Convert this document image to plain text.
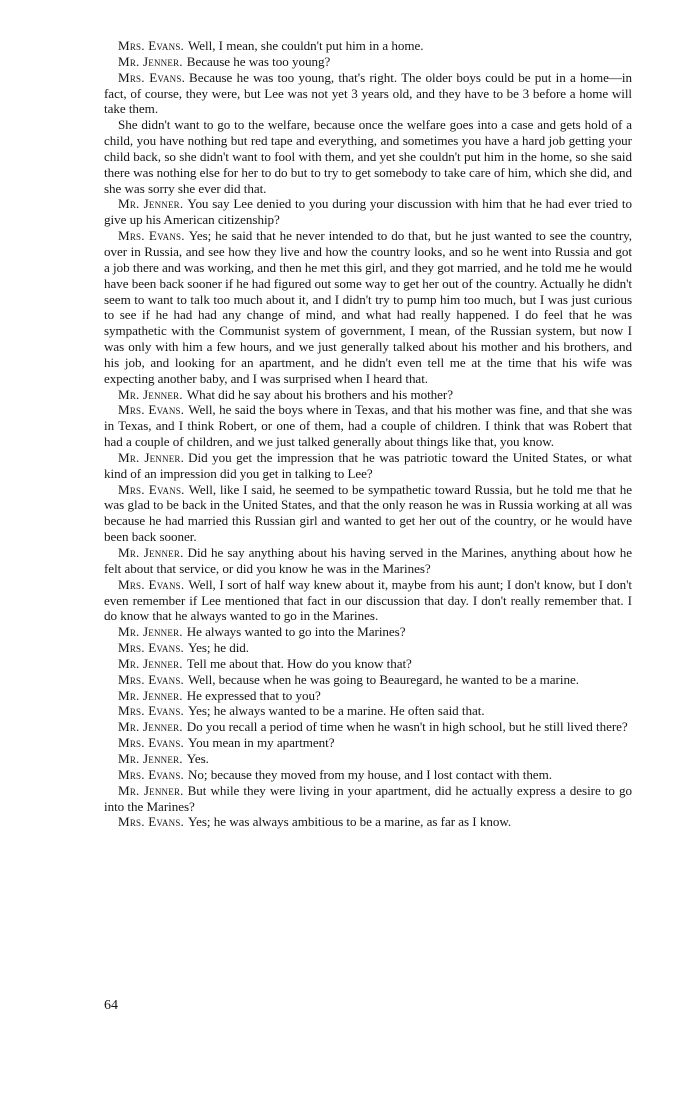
Mrs. Evans. Well, I mean, she couldn't put him in a home.

Mr. Jenner. Because he was too young?

Mrs. Evans. Because he was too young, that's right. The older boys could be put in a home—in fact, of course, they were, but Lee was not yet 3 years old, and they have to be 3 before a home will take them.

She didn't want to go to the welfare, because once the welfare goes into a case and gets hold of a child, you have nothing but red tape and everything, and sometimes you have a hard job getting your child back, so she didn't want to fool with them, and yet she couldn't put him in the home, so she said there was nothing else for her to do but to try to get somebody to take care of him, which she did, and she was sorry she ever did that.

Mr. Jenner. You say Lee denied to you during your discussion with him that he had ever tried to give up his American citizenship?

Mrs. Evans. Yes; he said that he never intended to do that, but he just wanted to see the country, over in Russia, and see how they live and how the country looks, and so he went into Russia and got a job there and was working, and then he met this girl, and they got married, and he told me he would have been back sooner if he had figured out some way to get her out of the country. Actually he didn't seem to want to talk too much about it, and I didn't try to pump him too much, but I was just curious to see if he had had any change of mind, and what had really happened. I do feel that he was sympathetic with the Communist system of government, I mean, of the Russian system, but now I was only with him a few hours, and we just generally talked about his mother and his brothers, and his job, and looking for an apartment, and he didn't even tell me at the time that his wife was expecting another baby, and I was surprised when I heard that.

Mr. Jenner. What did he say about his brothers and his mother?

Mrs. Evans. Well, he said the boys where in Texas, and that his mother was fine, and that she was in Texas, and I think Robert, or one of them, had a couple of children. I think that was Robert that had a couple of children, and we just talked generally about things like that, you know.

Mr. Jenner. Did you get the impression that he was patriotic toward the United States, or what kind of an impression did you get in talking to Lee?

Mrs. Evans. Well, like I said, he seemed to be sympathetic toward Russia, but he told me that he was glad to be back in the United States, and that the only reason he was in Russia working at all was because he had married this Russian girl and wanted to get her out of the country, or he would have been back sooner.

Mr. Jenner. Did he say anything about his having served in the Marines, anything about how he felt about that service, or did you know he was in the Marines?

Mrs. Evans. Well, I sort of half way knew about it, maybe from his aunt; I don't know, but I don't even remember if Lee mentioned that fact in our discussion that day. I don't really remember that. I do know that he always wanted to go in the Marines.

Mr. Jenner. He always wanted to go into the Marines?

Mrs. Evans. Yes; he did.

Mr. Jenner. Tell me about that. How do you know that?

Mrs. Evans. Well, because when he was going to Beauregard, he wanted to be a marine.

Mr. Jenner. He expressed that to you?

Mrs. Evans. Yes; he always wanted to be a marine. He often said that.

Mr. Jenner. Do you recall a period of time when he wasn't in high school, but he still lived there?

Mrs. Evans. You mean in my apartment?

Mr. Jenner. Yes.

Mrs. Evans. No; because they moved from my house, and I lost contact with them.

Mr. Jenner. But while they were living in your apartment, did he actually express a desire to go into the Marines?

Mrs. Evans. Yes; he was always ambitious to be a marine, as far as I know.

64
